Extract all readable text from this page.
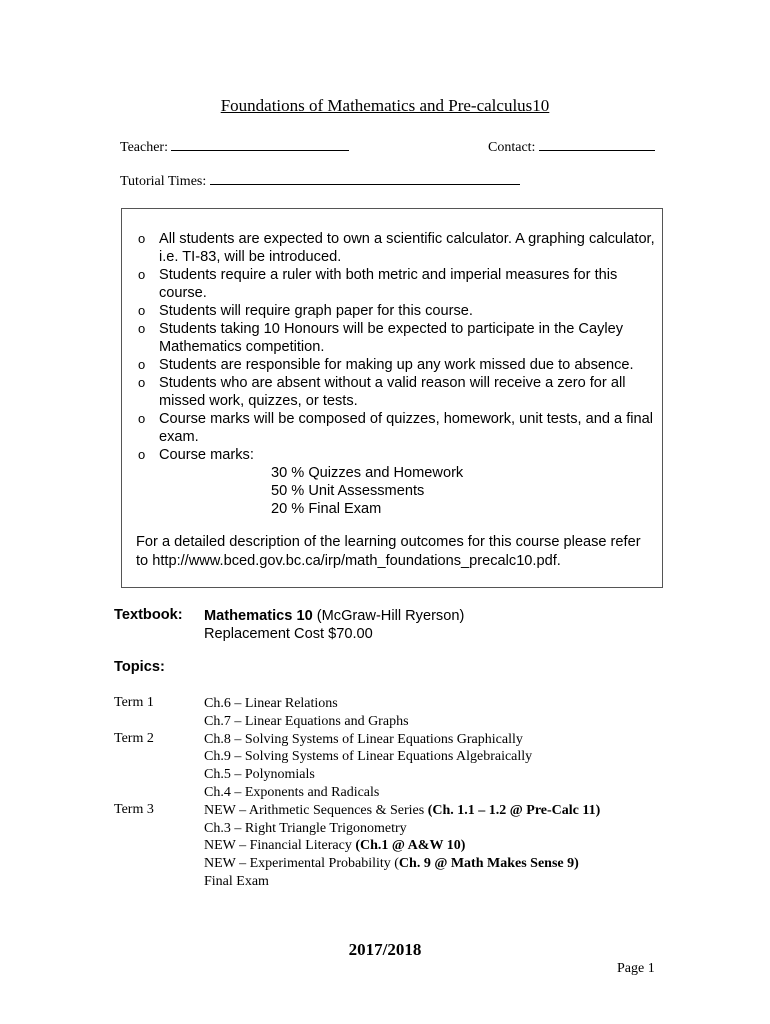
Foundations of Mathematics and Pre-calculus10
Teacher:	Contact:
Tutorial Times:
o All students are expected to own a scientific calculator. A graphing calculator, i.e. TI-83, will be introduced.
o Students require a ruler with both metric and imperial measures for this course.
o Students will require graph paper for this course.
o Students taking 10 Honours will be expected to participate in the Cayley Mathematics competition.
o Students are responsible for making up any work missed due to absence.
o Students who are absent without a valid reason will receive a zero for all missed work, quizzes, or tests.
o Course marks will be composed of quizzes, homework, unit tests, and a final exam.
o Course marks:
30 % Quizzes and Homework
50 % Unit Assessments
20 % Final Exam
For a detailed description of the learning outcomes for this course please refer to http://www.bced.gov.bc.ca/irp/math_foundations_precalc10.pdf.
Textbook: Mathematics 10 (McGraw-Hill Ryerson)
Replacement Cost $70.00
Topics:
Term 1
Term 2
Term 3
Ch.6 – Linear Relations
Ch.7 – Linear Equations and Graphs
Ch.8 – Solving Systems of Linear Equations Graphically
Ch.9 – Solving Systems of Linear Equations Algebraically
Ch.5 – Polynomials
Ch.4 – Exponents and Radicals
NEW – Arithmetic Sequences & Series (Ch. 1.1 – 1.2 @ Pre-Calc 11)
Ch.3 – Right Triangle Trigonometry
NEW – Financial Literacy (Ch.1 @ A&W 10)
NEW – Experimental Probability (Ch. 9 @ Math Makes Sense 9)
Final Exam
2017/2018
Page 1
